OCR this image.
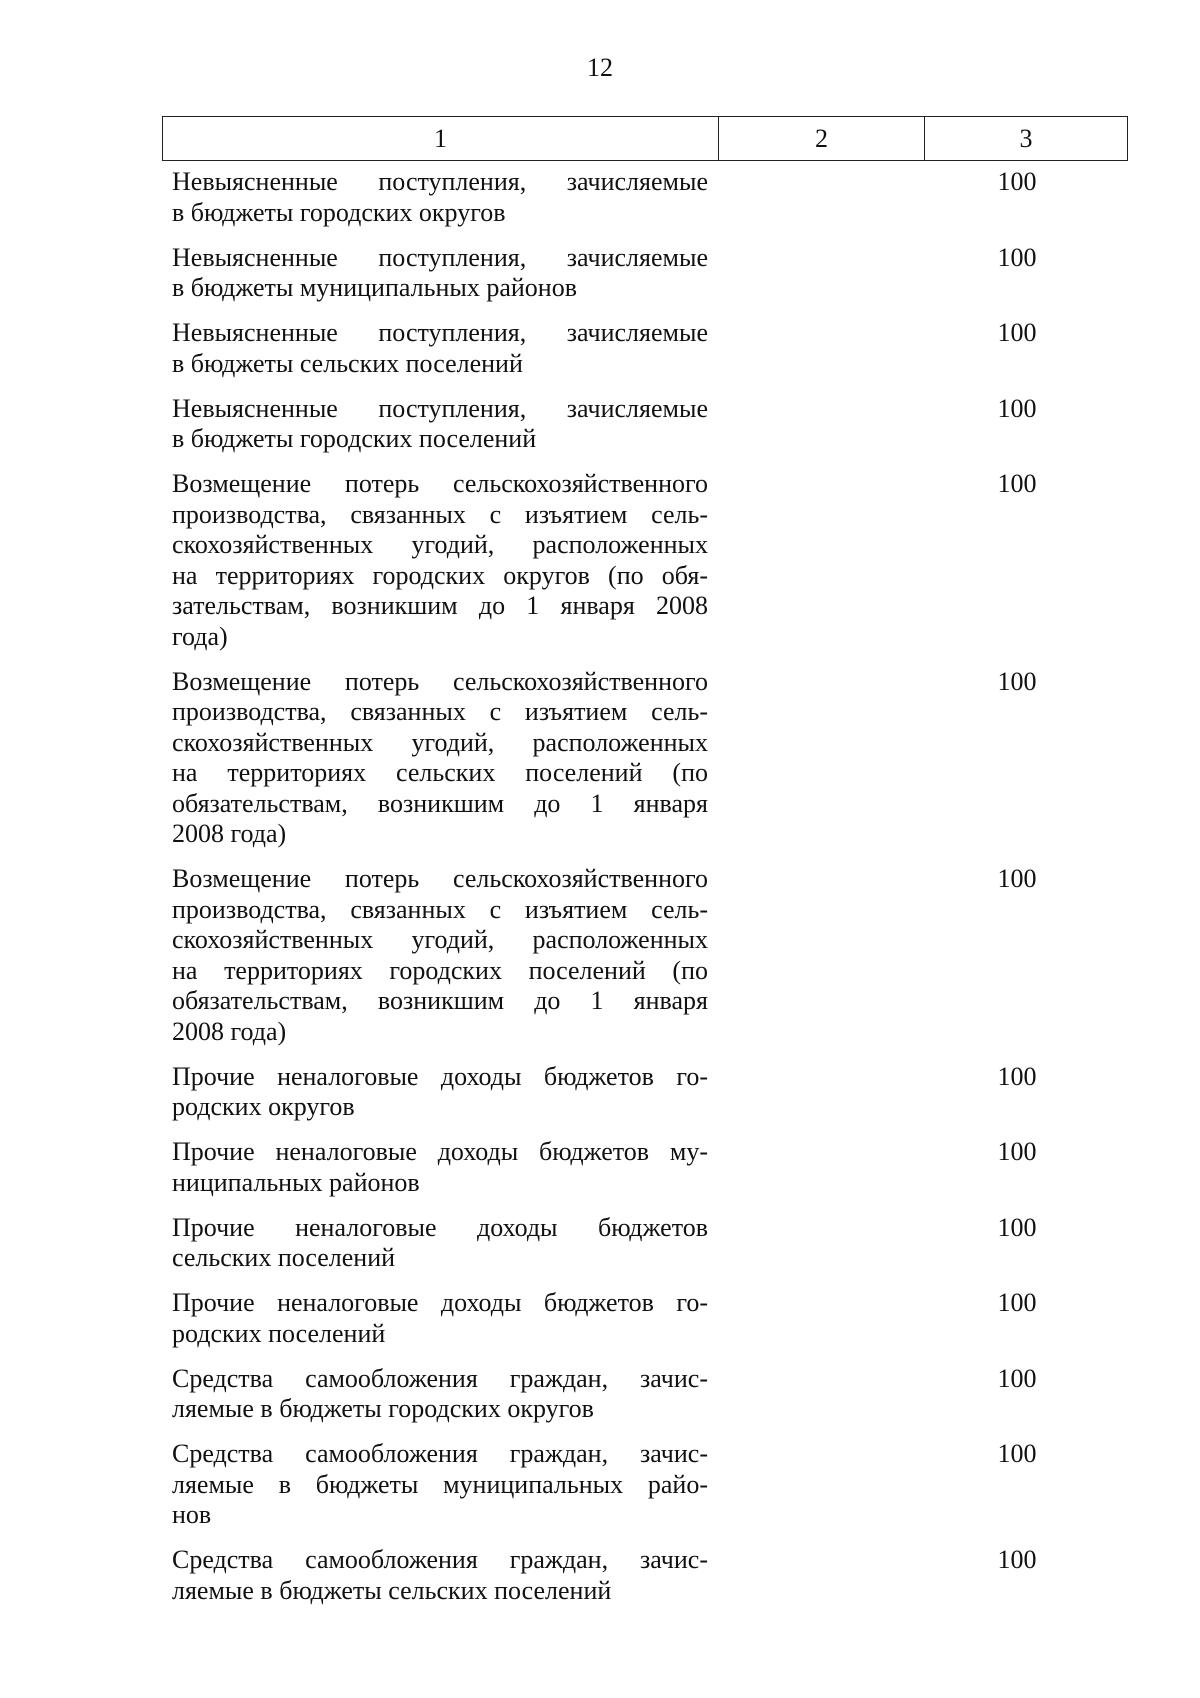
12
1	2	3
Невыясненные поступления, зачисляемые
в бюджеты городских округов
100
Невыясненные поступления, зачисляемые
в бюджеты муниципальных районов
100
Невыясненные поступления, зачисляемые
в бюджеты сельских поселений
100
Невыясненные поступления, зачисляемые
в бюджеты городских поселений
100
Возмещение потерь сельскохозяйственного
производства, связанных с изъятием сель-
скохозяйственных угодий, расположенных
на территориях городских округов (по обя-
зательствам, возникшим до 1 января 2008
года)
100
Возмещение потерь сельскохозяйственного
производства, связанных с изъятием сель-
скохозяйственных угодий, расположенных
на территориях сельских поселений (по
обязательствам, возникшим до 1 января
2008 года)
100
Возмещение потерь сельскохозяйственного
производства, связанных с изъятием сель-
скохозяйственных угодий, расположенных
на территориях городских поселений (по
обязательствам, возникшим до 1 января
2008 года)
100
Прочие неналоговые доходы бюджетов го-
родских округов
100
Прочие неналоговые доходы бюджетов му-
ниципальных районов
100
Прочие неналоговые доходы бюджетов
сельских поселений
100
Прочие неналоговые доходы бюджетов го-
родских поселений
100
Средства самообложения граждан, зачис-
ляемые в бюджеты городских округов
100
Средства самообложения граждан, зачис-
ляемые в бюджеты муниципальных райо-
нов
100
Средства самообложения граждан, зачис-
ляемые в бюджеты сельских поселений
100
